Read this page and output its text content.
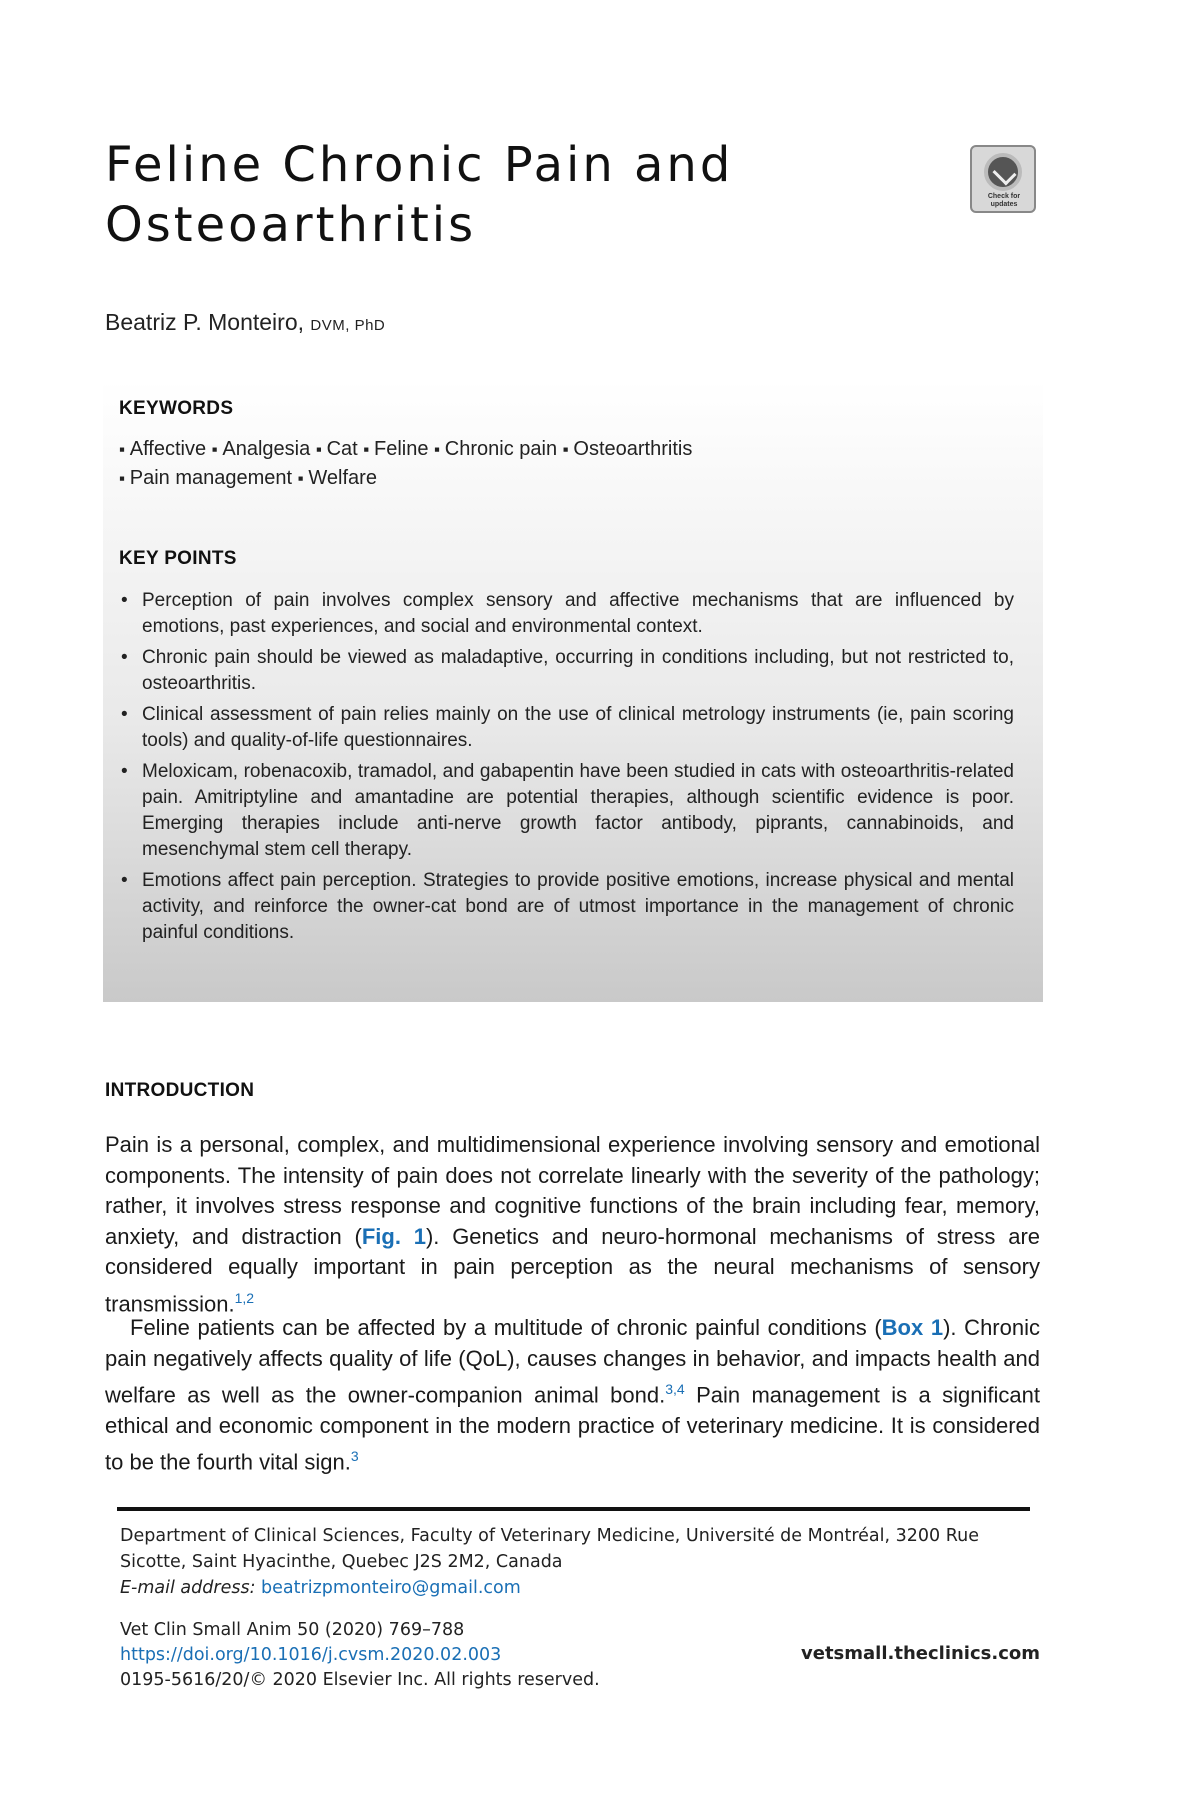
Feline Chronic Pain and Osteoarthritis
Check for updates
Beatriz P. Monteiro, DVM, PhD
KEYWORDS
▪ Affective ▪ Analgesia ▪ Cat ▪ Feline ▪ Chronic pain ▪ Osteoarthritis
▪ Pain management ▪ Welfare
KEY POINTS
• Perception of pain involves complex sensory and affective mechanisms that are influenced by emotions, past experiences, and social and environmental context.
• Chronic pain should be viewed as maladaptive, occurring in conditions including, but not restricted to, osteoarthritis.
• Clinical assessment of pain relies mainly on the use of clinical metrology instruments (ie, pain scoring tools) and quality-of-life questionnaires.
• Meloxicam, robenacoxib, tramadol, and gabapentin have been studied in cats with osteoarthritis-related pain. Amitriptyline and amantadine are potential therapies, although scientific evidence is poor. Emerging therapies include anti-nerve growth factor antibody, piprants, cannabinoids, and mesenchymal stem cell therapy.
• Emotions affect pain perception. Strategies to provide positive emotions, increase physical and mental activity, and reinforce the owner-cat bond are of utmost importance in the management of chronic painful conditions.
INTRODUCTION

Pain is a personal, complex, and multidimensional experience involving sensory and emotional components. The intensity of pain does not correlate linearly with the severity of the pathology; rather, it involves stress response and cognitive functions of the brain including fear, memory, anxiety, and distraction (Fig. 1). Genetics and neuro-hormonal mechanisms of stress are considered equally important in pain perception as the neural mechanisms of sensory transmission.$^{1,2}$

Feline patients can be affected by a multitude of chronic painful conditions (Box 1). Chronic pain negatively affects quality of life (QoL), causes changes in behavior, and impacts health and welfare as well as the owner-companion animal bond.$^{3,4}$ Pain management is a significant ethical and economic component in the modern practice of veterinary medicine. It is considered to be the fourth vital sign.$^3$

Department of Clinical Sciences, Faculty of Veterinary Medicine, Université de Montréal, 3200 Rue Sicotte, Saint Hyacinthe, Quebec J2S 2M2, Canada
E-mail address: beatrizpmonteiro@gmail.com
Vet Clin Small Anim 50 (2020) 769–788
https://doi.org/10.1016/j.cvsm.2020.02.003
0195-5616/20/© 2020 Elsevier Inc. All rights reserved.
vetsmall.theclinics.com
